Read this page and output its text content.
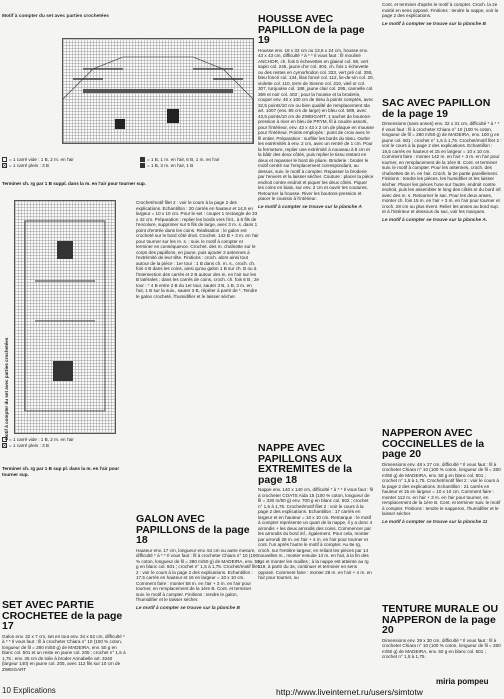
Motif à compter du set avec parties crochetées

= 1 carré vide : 1 B, 2 m. en l'air
= 1 carré plein : 3 B
= 1 B, 1 m. en l'air, 6 B, 1 m. en l'air
= 1 B, 3 m. en l'air, 1 B

Terminer ch. rg par 1 B suppl. dans la m. en l'air pour tourner sup.

Motif à compter du set avec parties crochetées = 1 carré vide : 1 B, 2 m. en l'air
= 1 carré plein : 3 B

Terminer ch. rg par 1 B sup pl. dans la m. en l'air pour tourner sup.

SET AVEC PARTIE CROCHETEE de la page 17

Galon env. 32 x 7 cm, set en tout env. 34 x 52 cm, difficulté * à * * Il vous faut : fil à crocheter Chiara n° 10 (100 % coton, longueur de fil = 280 m/50 g) de MADEIRA, env. 50 g en blanc col. 501 et un reste en jaune col. 205 ; crochet n° 1,5 à 1,75 ; env. 35 cm de toile à broder Annabelle art. 3240 (largeur 140) en jaune col. 205, avec 112 fils sur 10 cm de ZWEIGART

Crochet/motif filet 2 : voir le cours à la page 2 des explications. Echantillon : 20 carrés en hauteur et 14,5 en largeur = 10 x 10 cm. Pour le set : couper 1 rectangle de 33 x 42 cm. Préparation : replier les bords vers l'int., à 5 fils de l'encolure, supprimer sur 5 fils de large, avec 3 m. s. dans 1 point d'entrée dans les coins. Réalisation : le galon est crocheté sur le bord côté droit. Crochet. 142 B + 3 m. en l'air pour tourner sur les m. s. ; suiv. le motif à compter et terminer en conséquence. Crochet. des m. chaînette sur le corps des papillons, en jaune, puis ajouter 2 antennes à l'extrémité de leur tête. Finitions : croch. alors ainsi tout autour de la pièce : 1er tour : 1 B dans ch. m. s., croch. ch. fois 4 B dans les coins, ainsi qu'au galon 1 B sur ch. B ou à l'intersection des carrés et 2 B autour des m. en l'air sur les B latérales ; dans les carrés de coins, croch. ch. fois 6 B ; 2e tour : * 4 B entre 2 B du 1er tour, sauter 3 B, 1 B, 3 m. en l'air, 1 B sur la suiv., sauter 3 B, répéter à partir de *. Tendre le galon crocheté, l'humidifier et le laisser sécher.

GALON AVEC PAPILLONS de la page 18

Hauteur env. 17 cm, longueur env. 54 cm ou autre mesure, difficulté * à * * Il vous faut : fil à crocheter Chiara n° 10 (100 % coton, longueur de fil = 280 m/50 g) de MADEIRA, env. 50 g en blanc col. 501 ; crochet n° 1,5 à 1,75. Crochet/motif filet 2 : voir le cours à la page 2 des explications. Echantillon : 17,5 carrés en hauteur et 16 en largeur = 10 x 10 cm. Comment faire : monter 58 m. en l'air + 3 m. en l'air pour tourner, en remplacement de la 1ère B. Cont. et terminer suiv. le motif à compter. Finitions : tendre le galon, l'humidifier et le laisser sécher.

Le motif à compter se trouve sur la planche B

HOUSSE AVEC PAPILLON de la page 19

Housse env. 18 x 32 cm ou 13,5 x 24 cm, housse env. 43 x 43 cm, difficulté * à * * Il vous faut : fil mouliné ANCHOR, ch. fois 5 échevettes en glaieul col. 88, vert sapin col. 245, jaune d'or col. 304, ch. fois 1 échevette ou des restes en cymorhodon col. 333, vert pré col. 255, bleu foncé col. 134, lilas foncé col. 112, lie-de-vin col. 20, violette col. 110, terre de Sienne col. 310, vieil or col. 307, turquoise col. 188, jaune clair col. 295, cannelle col. 369 et noir col. 403 ; pour la housse et la broderie, couper env. 45 x 100 cm de tissu à points comptés, avec 32,5 points/10 cm ou bien qualité de remplacement Ida art. 1007 (env. 85 cm de large) en bleu col. 589, avec 43,5 points/10 cm de ZWEIGART, 1 sachet de boutons-pression à river en bleu de PRYM, fil à coudre assorti, pour l'intérieur, env. 43 x 43 x 2 cm de plaque en mousse pour l'intérieur. Points employés : point de croix avec le fil entier. Préparation : surfiler les bords du tissu. Ourler les extrémités à env. 2 cm, avec un rentré de 1 cm. Pour la fermeture, replier une extrémité à nouveau à 8 cm et la bâtir des deux côtés, puis replier le tissu restant en deux et repasser le bord de pliure. Broderie : broder le motif centré sur l'emplacement correspondant, au dessus, suiv. le motif à compter. Repasser la broderie par l'envers et la laisser sécher. Couture : placer la pièce endroit contre endroit et piquer les deux côtés. Piquer les coins en biais, sur env. 2 cm et ouvrir les coutures. Retourner la housse. River les boutons-pression et placer le coussin à l'intérieur.

Le motif à compter se trouve sur la planche A

NAPPE AVEC PAPILLONS AUX EXTREMITES de la page 18

Nappe env. 140 x 140 cm, difficulté * à * * Il vous faut : fil à crocheter COATS Aida 15 (100 % coton, longueur de fil = 330 m/50 g) env. 700 g en blanc col. 502 ; crochet n° 1,5 à 1,75. Crochet/motif filet 2 : voir le cours à la page 2 des explications. Echantillon : 17 carrés en largeur et en hauteur = 10 x 10 cm. Remarque : le motif à compter représente un quart de la nappe, il y a donc 4 arrondis + les deux arrondis des coins. Commencer par les arrondis du bord inf., également. Pour cela, monter par arrondi 28 m. en l'air + 4 m. en l'air pour tourner et cont. l'un après l'autre le motif à compter. Au 8e rg, croch. sur l'entière largeur, en reliant les pièces par 14 nouvelles m., monter ensuite 14 m. en l'air, à la fin des rgs et monter les mailles ; à la nappe est atteinte au rg 119, à partir du 3e, continuer et terminer en sens opposé. Comment faire : monter 28 m. en l'air + 4 m. en l'air pour tourner, ou

Cont. et terminer d'après le motif à compter. Croch. la 2e moitié en sens opposé. Finitions : tendre la nappe, voir la page 2 des explications.

Le motif à compter se trouve sur la planche B

SAC AVEC PAPILLON de la page 19

Dimensions (sans anses) env. 32 x 31 cm, difficulté * à * * Il vous faut : fil à crocheter Chiara n° 10 (100 % coton, longueur de fil = 280 m/50 g) de MADEIRA, env. 100 g en jaune col. 501 ; crochet n° 1,5 à 1,75. Crochet/motif filet 2 : voir le cours à la page 2 des explications. Echantillon : 19,5 carrés en hauteur et 15 en largeur = 10 x 10 cm. Comment faire : monter 142 m. en l'air + 3 m. en l'air pour tourner, en remplacement de la 1ère B. Cont. et terminer suiv. le motif à compter. Pour les antennes, croch. des chaînettes de m. en l'air. Croch. la 2e partie pareillement. Finitions : tendre les pièces, les humidifier et les laisser sécher. Placer les pièces l'une sur l'autre, endroit contre endroit, puis les assembler le long des côtés et du bord inf. avec des m. s. Retourner le sac. Pour les deux anses, monter ch. fois 15 m. en l'air + 3 m. en l'air pour tourner et croch. 28 cm ou plus évent. Relier les anses au bord sup. et à l'intérieur et dessous du sac, voir les marques.

Le motif à compter se trouve sur la planche A.

NAPPERON AVEC COCCINELLES de la page 20

Dimensions env. 48 x 27 cm, difficulté * Il vous faut : fil à crocheter Chiara n° 10 (100 % coton, longueur de fil = 280 m/50 g) de MADEIRA, env. 50 g en blanc col. 501 ; crochet n° 1,5 à 1,75. Crochet/motif filet 2 : voir le cours à la page 2 des explications. Echantillon : 21 carrés en hauteur et 15 en largeur = 10 x 10 cm. Comment faire : monter 112 m. en l'air + 3 m. en l'air pour tourner, en remplacement de la 1ère B. Cont. et terminer suiv. le motif à compter. Finitions : tendre le napperon, l'humidifier et le laisser sécher.

Le motif à compter se trouve sur la planche 11

TENTURE MURALE OU NAPPERON de la page 20

Dimensions env. 39 x 30 cm, difficulté * Il vous faut : fil à crocheter Chiara n° 10 (100 % coton, longueur de fil = 280 m/50 g) de MADEIRA, env. 50 g en blanc col. 501 ; crochet n° 1,5 à 1,75.

10 Explications	http://www.liveinternet.ru/users/simtotw
miria pompeu
